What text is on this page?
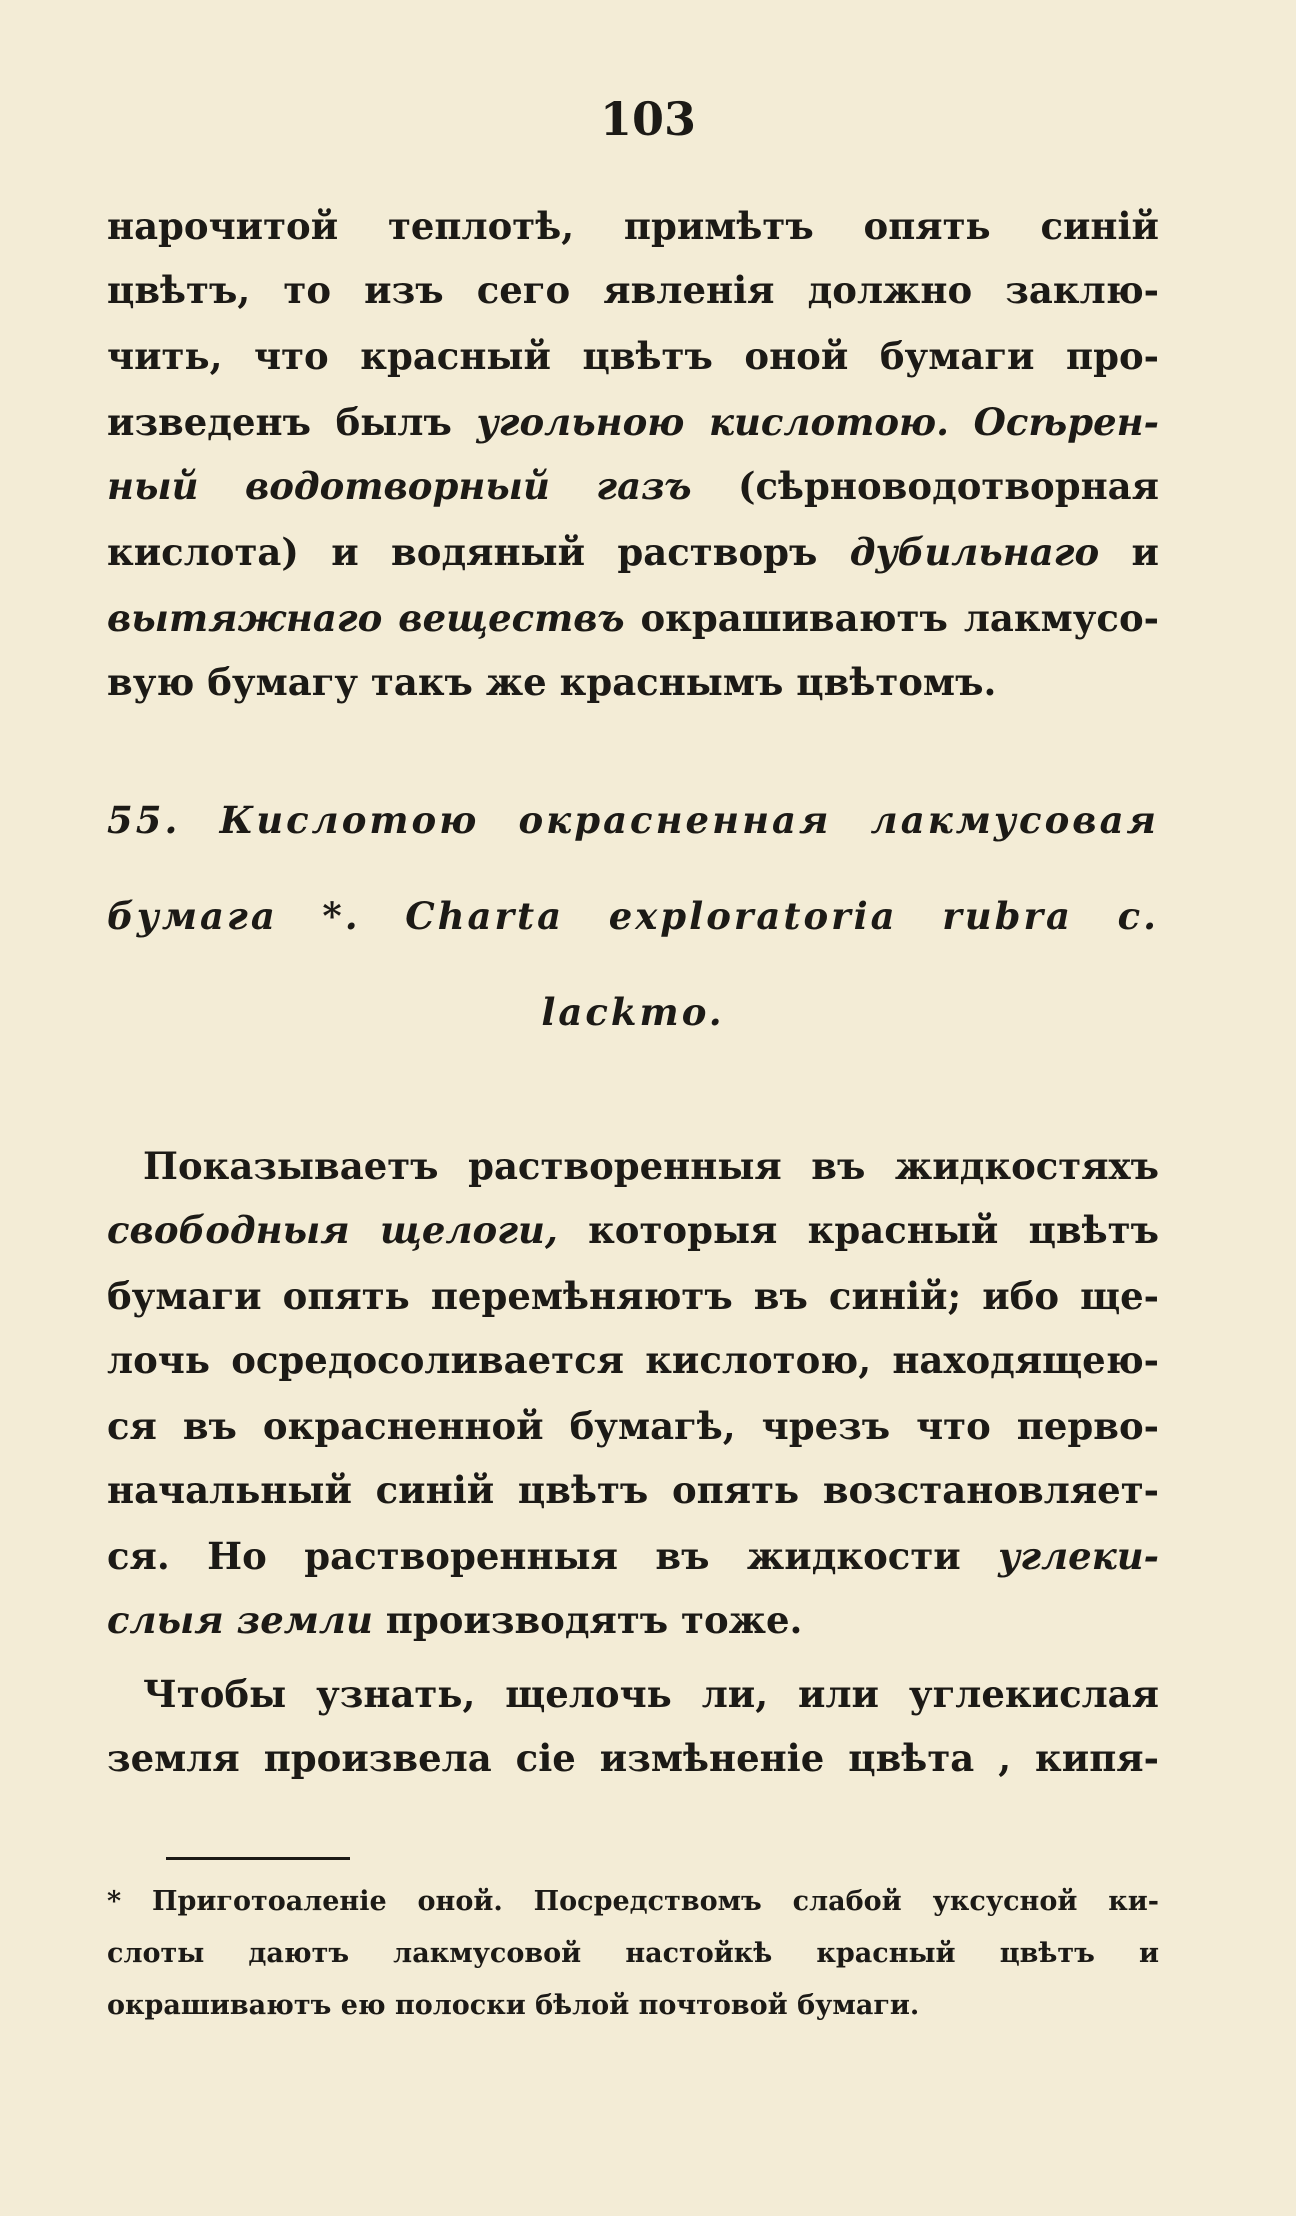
103
нарочитой теплотѣ, примѣтъ опять синій
цвѣтъ, то изъ сего явленія должно заклю-
чить, что красный цвѣтъ оной бумаги про-
изведенъ былъ угольною кислотою. Осѣрен-
ный водотворный газъ (сѣрноводотворная
кислота) и водяный растворъ дубильнаго и
вытяжнаго веществъ окрашиваютъ лакмусо-
вую бумагу такъ же краснымъ цвѣтомъ.
55. Кислотою окрасненная лакмусовая
бумага *. Charta exploratoria rubra c.
lackmo.
Показываетъ растворенныя въ жидкостяхъ
свободныя щелоги, которыя красный цвѣтъ
бумаги опять перемѣняютъ въ синій; ибо ще-
лочь осредосоливается кислотою, находящею-
ся въ окрасненной бумагѣ, чрезъ что перво-
начальный синій цвѣтъ опять возстановляет-
ся. Но растворенныя въ жидкости углеки-
слыя земли производятъ тоже.
Чтобы узнать, щелочь ли, или углекислая
земля произвела сіе измѣненіе цвѣта , кипя-
* Приготоаленіе оной. Посредствомъ слабой уксусной ки-
слоты даютъ лакмусовой настойкѣ красный цвѣтъ и
окрашиваютъ ею полоски бѣлой почтовой бумаги.
